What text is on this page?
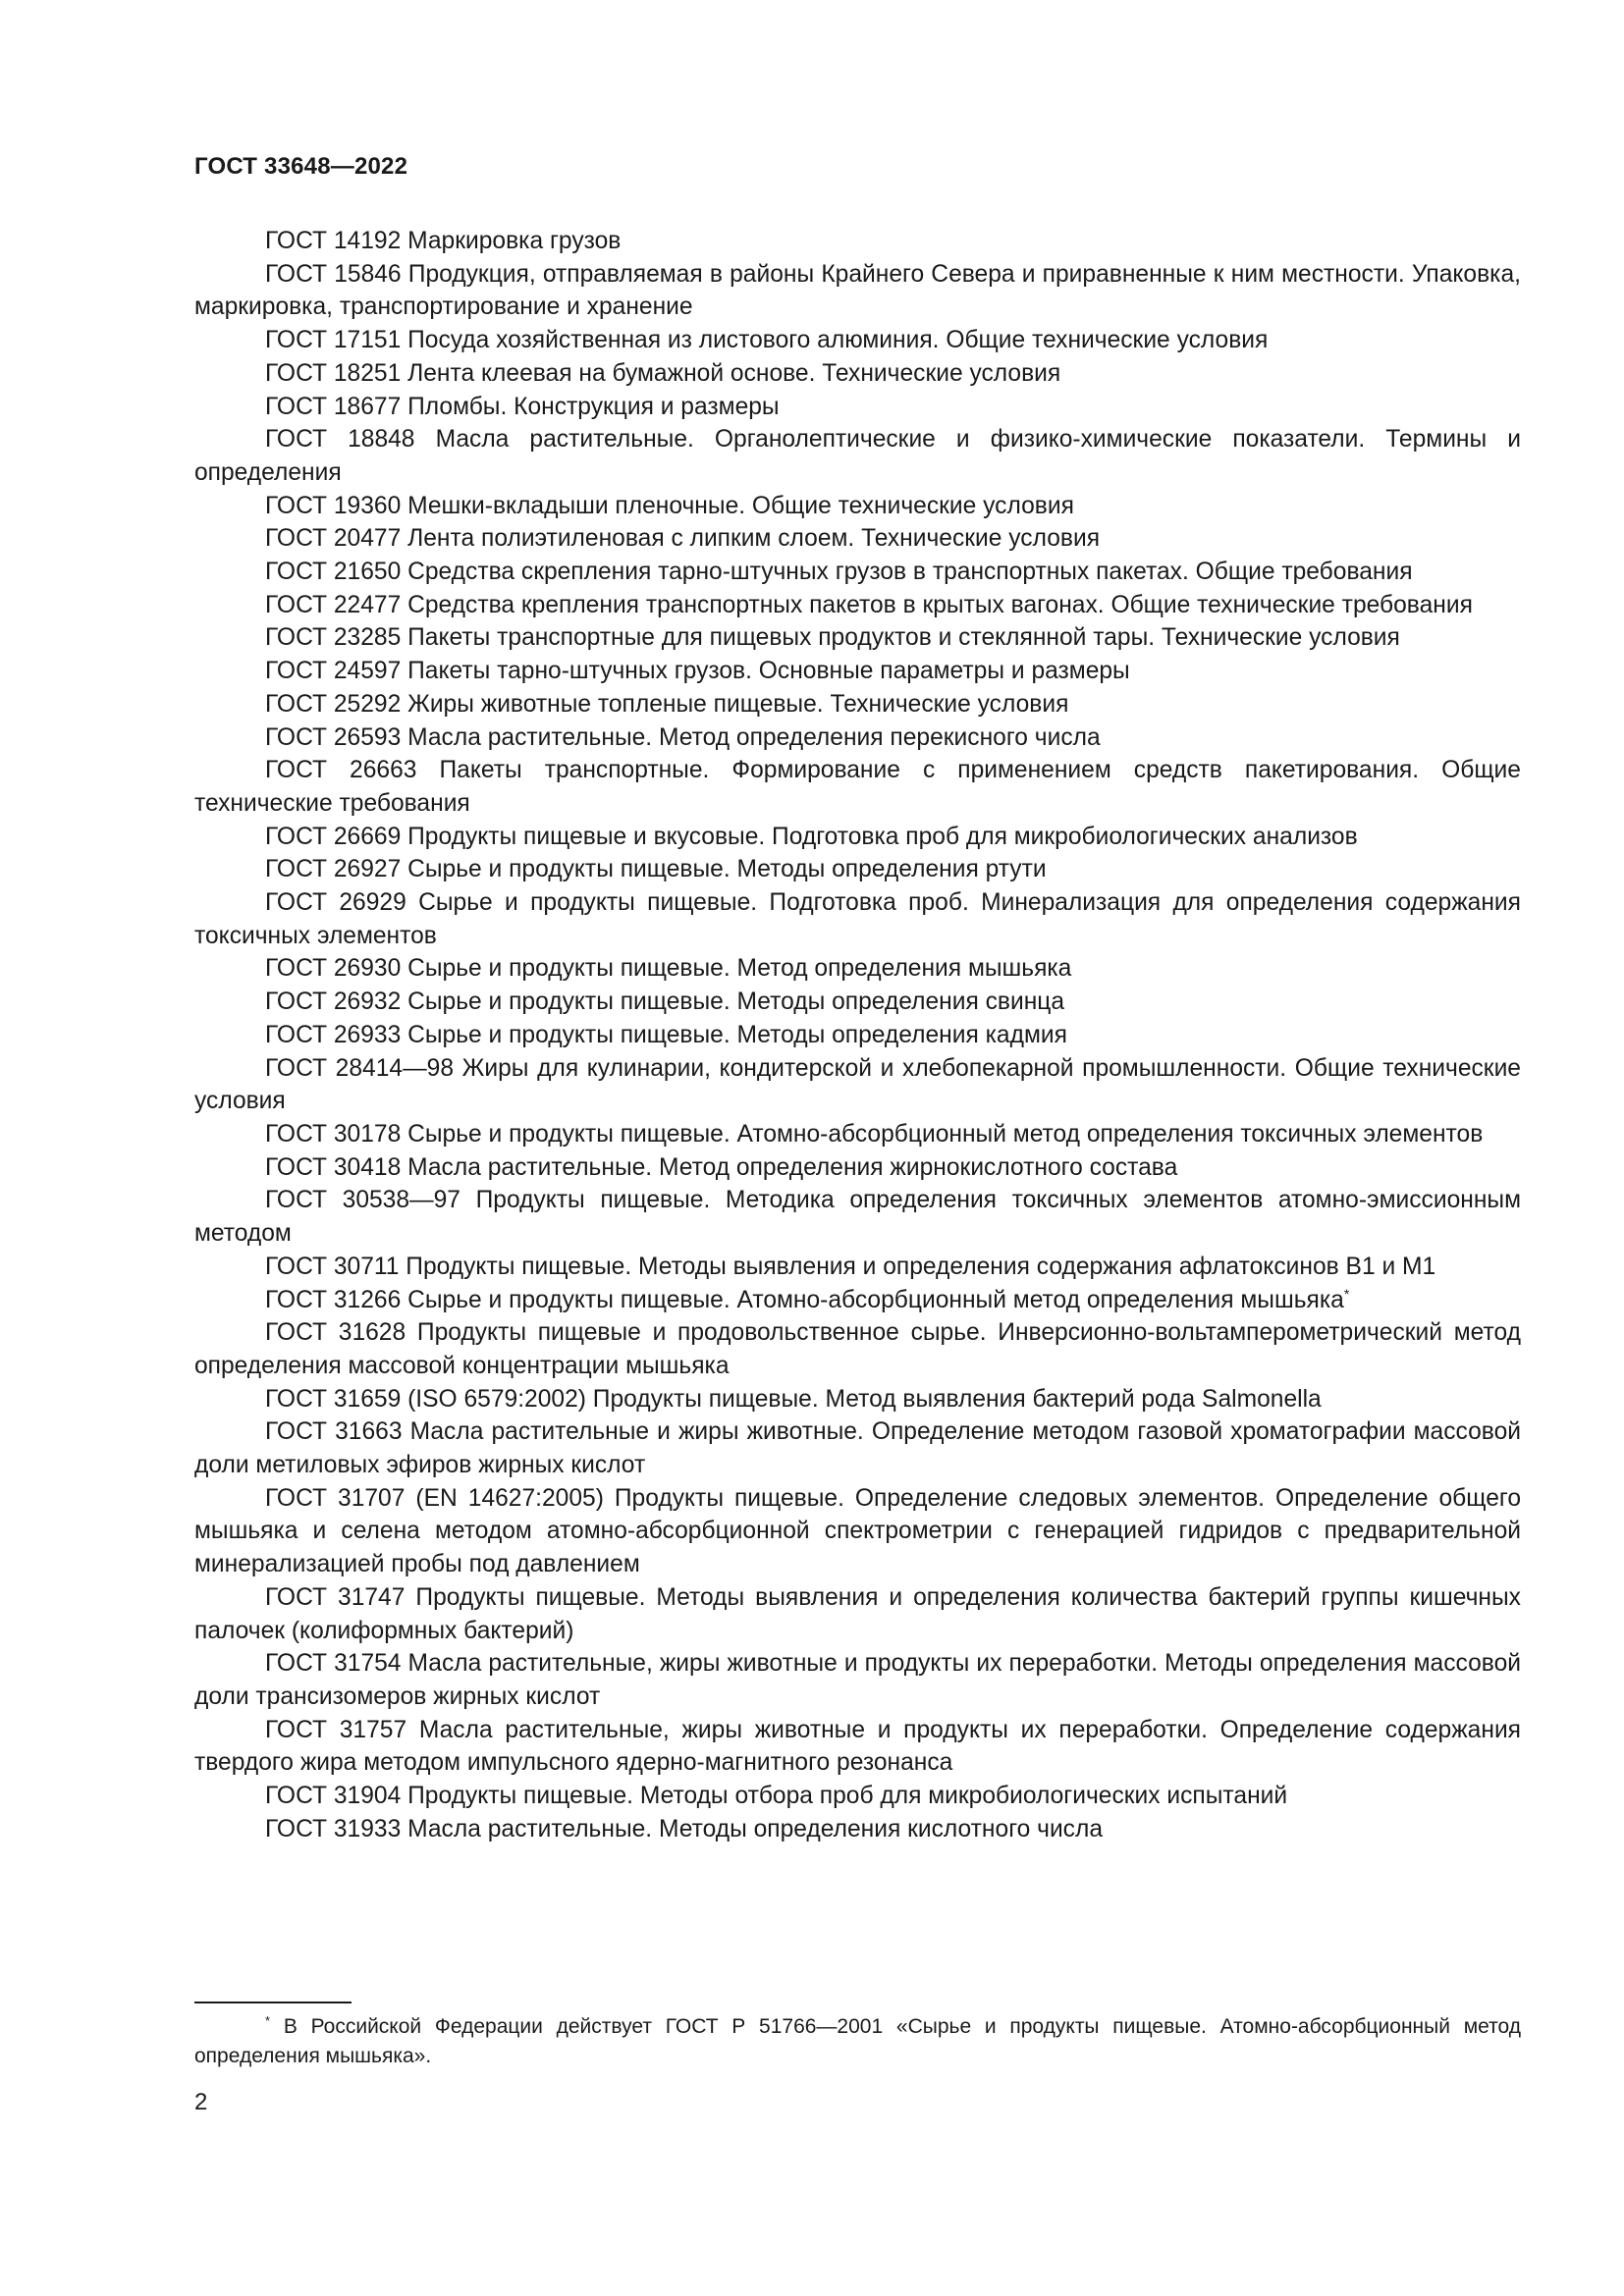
ГОСТ 33648—2022
ГОСТ 14192 Маркировка грузов
ГОСТ 15846 Продукция, отправляемая в районы Крайнего Севера и приравненные к ним местности. Упаковка, маркировка, транспортирование и хранение
ГОСТ 17151 Посуда хозяйственная из листового алюминия. Общие технические условия
ГОСТ 18251 Лента клеевая на бумажной основе. Технические условия
ГОСТ 18677 Пломбы. Конструкция и размеры
ГОСТ 18848 Масла растительные. Органолептические и физико-химические показатели. Термины и определения
ГОСТ 19360 Мешки-вкладыши пленочные. Общие технические условия
ГОСТ 20477 Лента полиэтиленовая с липким слоем. Технические условия
ГОСТ 21650 Средства скрепления тарно-штучных грузов в транспортных пакетах. Общие требования
ГОСТ 22477 Средства крепления транспортных пакетов в крытых вагонах. Общие технические требования
ГОСТ 23285 Пакеты транспортные для пищевых продуктов и стеклянной тары. Технические условия
ГОСТ 24597 Пакеты тарно-штучных грузов. Основные параметры и размеры
ГОСТ 25292 Жиры животные топленые пищевые. Технические условия
ГОСТ 26593 Масла растительные. Метод определения перекисного числа
ГОСТ 26663 Пакеты транспортные. Формирование с применением средств пакетирования. Общие технические требования
ГОСТ 26669 Продукты пищевые и вкусовые. Подготовка проб для микробиологических анализов
ГОСТ 26927 Сырье и продукты пищевые. Методы определения ртути
ГОСТ 26929 Сырье и продукты пищевые. Подготовка проб. Минерализация для определения содержания токсичных элементов
ГОСТ 26930 Сырье и продукты пищевые. Метод определения мышьяка
ГОСТ 26932 Сырье и продукты пищевые. Методы определения свинца
ГОСТ 26933 Сырье и продукты пищевые. Методы определения кадмия
ГОСТ 28414—98 Жиры для кулинарии, кондитерской и хлебопекарной промышленности. Общие технические условия
ГОСТ 30178 Сырье и продукты пищевые. Атомно-абсорбционный метод определения токсичных элементов
ГОСТ 30418 Масла растительные. Метод определения жирнокислотного состава
ГОСТ 30538—97 Продукты пищевые. Методика определения токсичных элементов атомно-эмиссионным методом
ГОСТ 30711 Продукты пищевые. Методы выявления и определения содержания афлатоксинов В1 и М1
ГОСТ 31266 Сырье и продукты пищевые. Атомно-абсорбционный метод определения мышьяка*
ГОСТ 31628 Продукты пищевые и продовольственное сырье. Инверсионно-вольтамперометрический метод определения массовой концентрации мышьяка
ГОСТ 31659 (ISO 6579:2002) Продукты пищевые. Метод выявления бактерий рода Salmonella
ГОСТ 31663 Масла растительные и жиры животные. Определение методом газовой хроматографии массовой доли метиловых эфиров жирных кислот
ГОСТ 31707 (EN 14627:2005) Продукты пищевые. Определение следовых элементов. Определение общего мышьяка и селена методом атомно-абсорбционной спектрометрии с генерацией гидридов с предварительной минерализацией пробы под давлением
ГОСТ 31747 Продукты пищевые. Методы выявления и определения количества бактерий группы кишечных палочек (колиформных бактерий)
ГОСТ 31754 Масла растительные, жиры животные и продукты их переработки. Методы определения массовой доли трансизомеров жирных кислот
ГОСТ 31757 Масла растительные, жиры животные и продукты их переработки. Определение содержания твердого жира методом импульсного ядерно-магнитного резонанса
ГОСТ 31904 Продукты пищевые. Методы отбора проб для микробиологических испытаний
ГОСТ 31933 Масла растительные. Методы определения кислотного числа

* В Российской Федерации действует ГОСТ Р 51766—2001 «Сырье и продукты пищевые. Атомно-абсорбционный метод определения мышьяка».

2
